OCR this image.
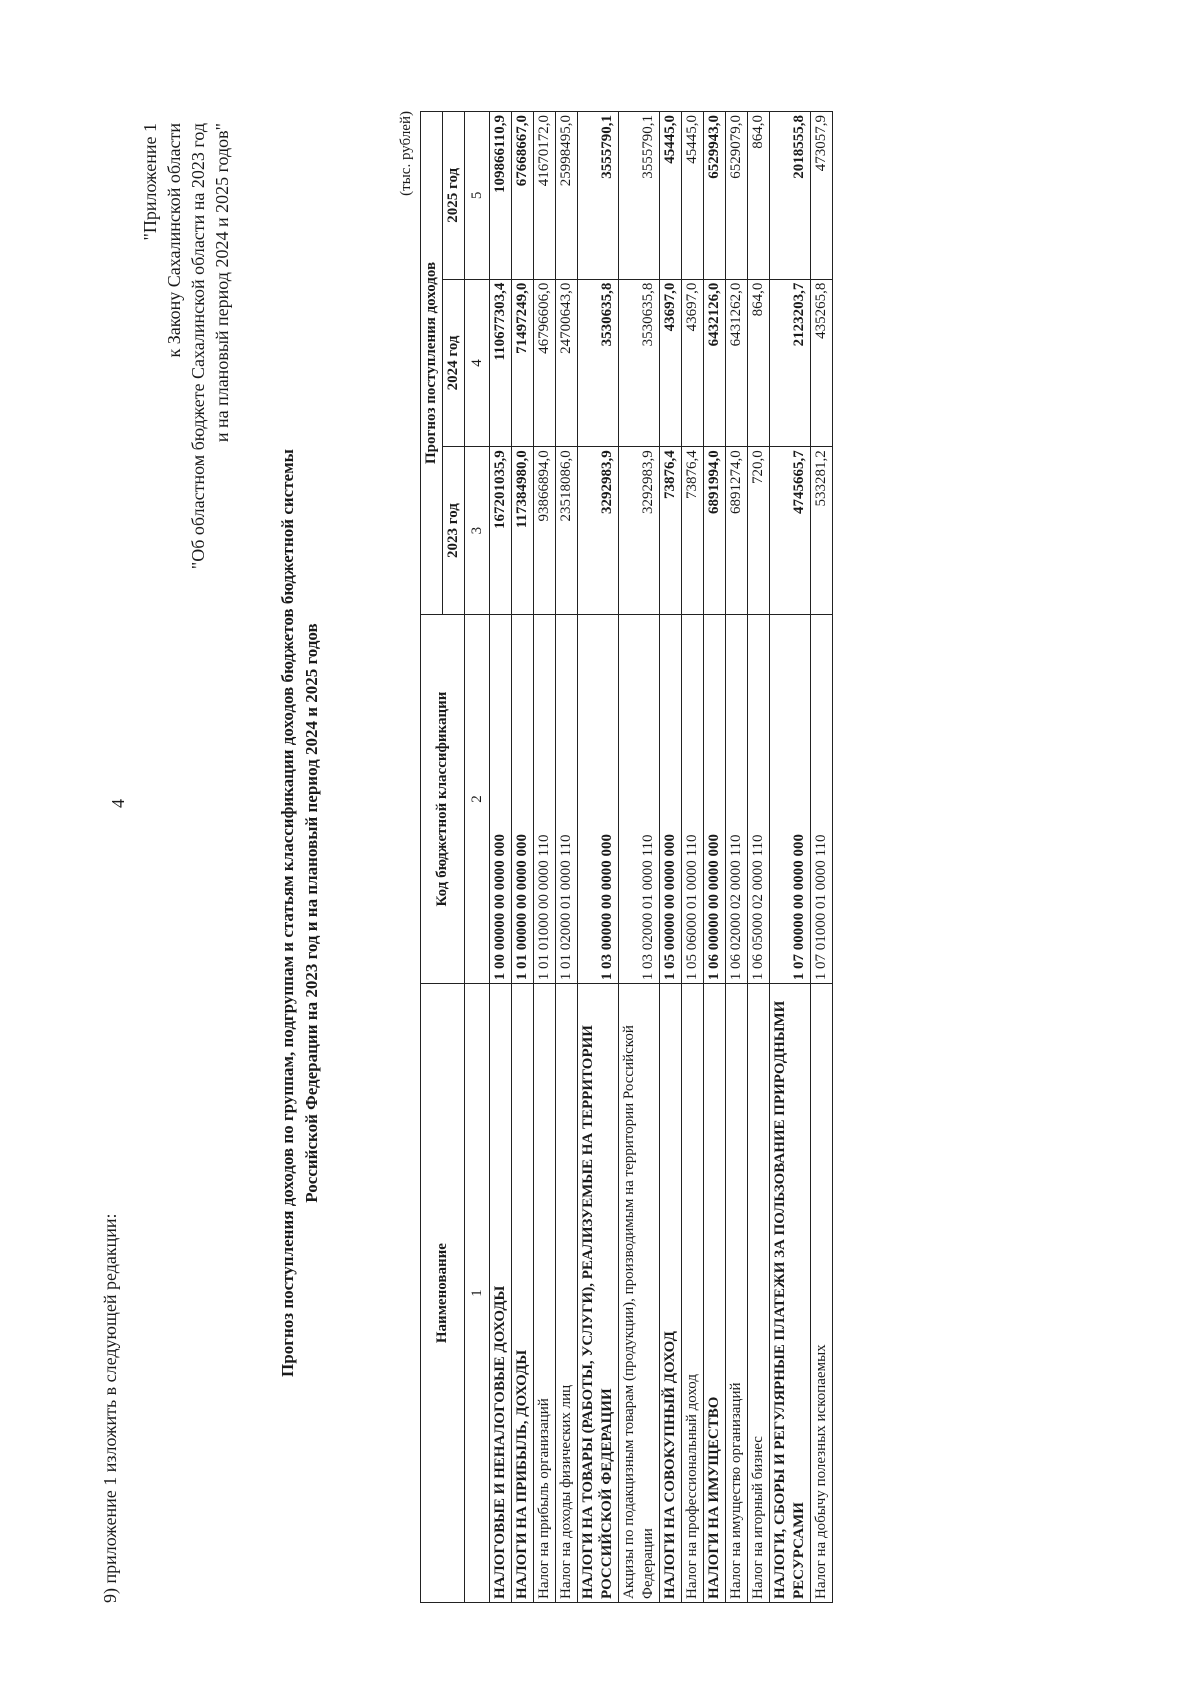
4
9) приложение 1 изложить в следующей редакции:
"Приложение 1 к Закону Сахалинской области "Об областном бюджете Сахалинской области на 2023 год и на плановый период 2024 и 2025 годов"
Прогноз поступления доходов по группам, подгруппам и статьям классификации доходов бюджетов бюджетной системы Российской Федерации на 2023 год и на плановый период 2024 и 2025 годов
(тыс. рублей)
Наименование	Код бюджетной классификации	Прогноз поступления доходов		
		2023 год	2024 год	2025 год
1	2	3	4	5
НАЛОГОВЫЕ И НЕНАЛОГОВЫЕ ДОХОДЫ	1 00 00000 00 0000 000	167201035,9	110677303,4	109866110,9
НАЛОГИ НА ПРИБЫЛЬ, ДОХОДЫ	1 01 00000 00 0000 000	117384980,0	71497249,0	67668667,0
Налог на прибыль организаций	1 01 01000 00 0000 110	93866894,0	46796606,0	41670172,0
Налог на доходы физических лиц	1 01 02000 01 0000 110	23518086,0	24700643,0	25998495,0
НАЛОГИ НА ТОВАРЫ (РАБОТЫ, УСЛУГИ), РЕАЛИЗУЕМЫЕ НА ТЕРРИТОРИИ РОССИЙСКОЙ ФЕДЕРАЦИИ	1 03 00000 00 0000 000	3292983,9	3530635,8	3555790,1
Акцизы по подакцизным товарам (продукции), производимым на территории Российской Федерации	1 03 02000 01 0000 110	3292983,9	3530635,8	3555790,1
НАЛОГИ НА СОВОКУПНЫЙ ДОХОД	1 05 00000 00 0000 000	73876,4	43697,0	45445,0
Налог на профессиональный доход	1 05 06000 01 0000 110	73876,4	43697,0	45445,0
НАЛОГИ НА ИМУЩЕСТВО	1 06 00000 00 0000 000	6891994,0	6432126,0	6529943,0
Налог на имущество организаций	1 06 02000 02 0000 110	6891274,0	6431262,0	6529079,0
Налог на игорный бизнес	1 06 05000 02 0000 110	720,0	864,0	864,0
НАЛОГИ, СБОРЫ И РЕГУЛЯРНЫЕ ПЛАТЕЖИ ЗА ПОЛЬЗОВАНИЕ ПРИРОДНЫМИ РЕСУРСАМИ	1 07 00000 00 0000 000	4745665,7	2123203,7	2018555,8
Налог на добычу полезных ископаемых	1 07 01000 01 0000 110	533281,2	435265,8	473057,9
